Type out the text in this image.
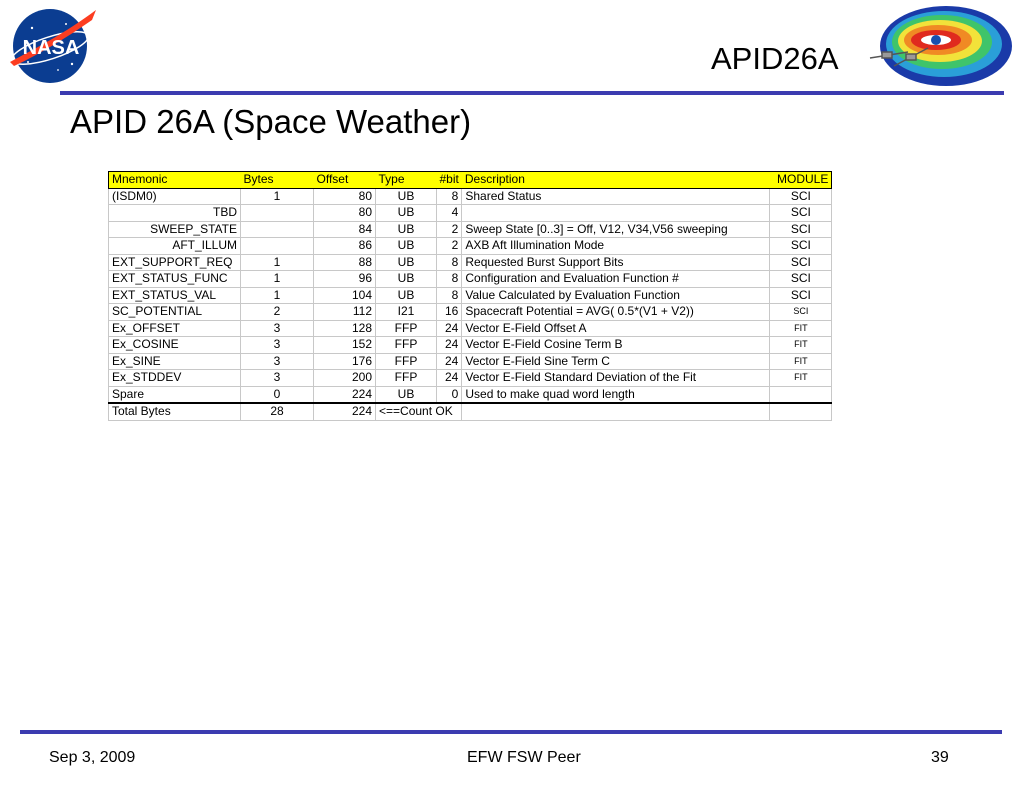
NASA	APID26A
APID 26A (Space Weather)
Mnemonic	Bytes	Offset	Type	#bit	Description	MODULE
(ISDM0)	1	80	UB	8	Shared Status	SCI
TBD		80	UB	4		SCI
SWEEP_STATE		84	UB	2	Sweep State [0..3] = Off, V12, V34,V56 sweeping	SCI
AFT_ILLUM		86	UB	2	AXB Aft Illumination Mode	SCI
EXT_SUPPORT_REQ	1	88	UB	8	Requested Burst Support Bits	SCI
EXT_STATUS_FUNC	1	96	UB	8	Configuration and Evaluation Function #	SCI
EXT_STATUS_VAL	1	104	UB	8	Value Calculated by Evaluation Function	SCI
SC_POTENTIAL	2	112	I21	16	Spacecraft Potential = AVG( 0.5*(V1 + V2))	SCI
Ex_OFFSET	3	128	FFP	24	Vector E-Field Offset A	FIT
Ex_COSINE	3	152	FFP	24	Vector E-Field Cosine Term B	FIT
Ex_SINE	3	176	FFP	24	Vector E-Field Sine Term C	FIT
Ex_STDDEV	3	200	FFP	24	Vector E-Field Standard Deviation of the Fit	FIT
Spare	0	224	UB	0	Used to make quad word length	
Total Bytes	28	224	<==Count OK			
Sep 3, 2009	EFW FSW Peer	39
